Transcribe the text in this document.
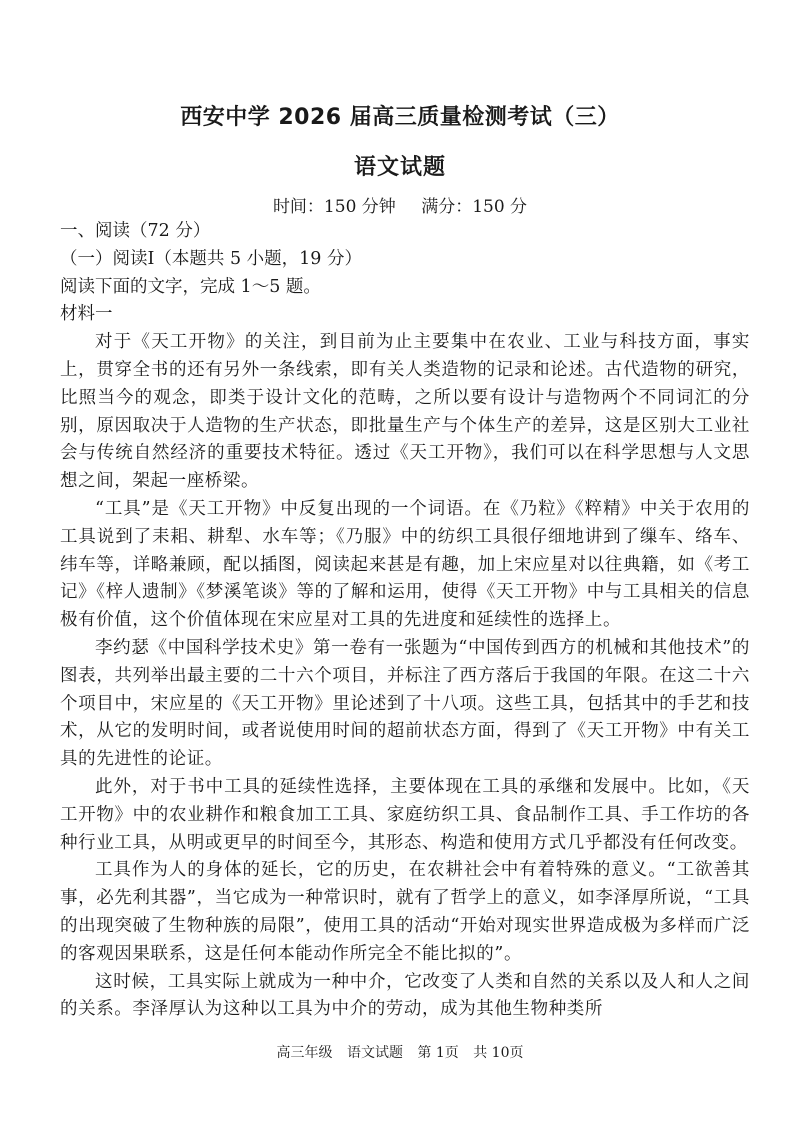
西安中学 2026 届高三质量检测考试（三）
语文试题
时间：150 分钟 满分：150 分

一、阅读（72 分）

（一）阅读Ⅰ（本题共 5 小题，19 分）

阅读下面的文字，完成 1～5 题。

材料一

对于《天工开物》的关注，到目前为止主要集中在农业、工业与科技方面，事实上，贯穿全书的还有另外一条线索，即有关人类造物的记录和论述。古代造物的研究，比照当今的观念，即类于设计文化的范畴，之所以要有设计与造物两个不同词汇的分别，原因取决于人造物的生产状态，即批量生产与个体生产的差异，这是区别大工业社会与传统自然经济的重要技术特征。透过《天工开物》，我们可以在科学思想与人文思想之间，架起一座桥梁。

“工具”是《天工开物》中反复出现的一个词语。在《乃粒》《粹精》中关于农用的工具说到了耒耜、耕犁、水车等；《乃服》中的纺织工具很仔细地讲到了缫车、络车、纬车等，详略兼顾，配以插图，阅读起来甚是有趣，加上宋应星对以往典籍，如《考工记》《梓人遗制》《梦溪笔谈》等的了解和运用，使得《天工开物》中与工具相关的信息极有价值，这个价值体现在宋应星对工具的先进度和延续性的选择上。

李约瑟《中国科学技术史》第一卷有一张题为“中国传到西方的机械和其他技术”的图表，共列举出最主要的二十六个项目，并标注了西方落后于我国的年限。在这二十六个项目中，宋应星的《天工开物》里论述到了十八项。这些工具，包括其中的手艺和技术，从它的发明时间，或者说使用时间的超前状态方面，得到了《天工开物》中有关工具的先进性的论证。

此外，对于书中工具的延续性选择，主要体现在工具的承继和发展中。比如，《天工开物》中的农业耕作和粮食加工工具、家庭纺织工具、食品制作工具、手工作坊的各种行业工具，从明或更早的时间至今，其形态、构造和使用方式几乎都没有任何改变。

工具作为人的身体的延长，它的历史，在农耕社会中有着特殊的意义。“工欲善其事，必先利其器”，当它成为一种常识时，就有了哲学上的意义，如李泽厚所说，“工具的出现突破了生物种族的局限”，使用工具的活动“开始对现实世界造成极为多样而广泛的客观因果联系，这是任何本能动作所完全不能比拟的”。

这时候，工具实际上就成为一种中介，它改变了人类和自然的关系以及人和人之间的关系。李泽厚认为这种以工具为中介的劳动，成为其他生物种类所

高三年级 语文试题 第 1页 共 10页
